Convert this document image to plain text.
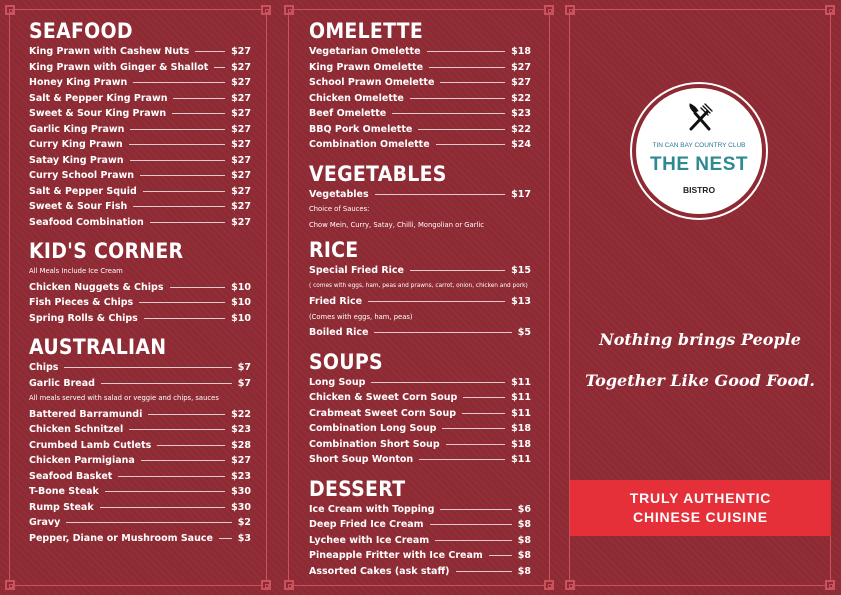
SEAFOOD
King Prawn with Cashew Nuts	$27
King Prawn with Ginger & Shallot $27
Honey King Prawn	$27
Salt & Pepper King Prawn	$27
Sweet & Sour King Prawn	$27
Garlic King Prawn	$27
Curry King Prawn	$27
Satay King Prawn	$27
Curry School Prawn	$27
Salt & Pepper Squid	$27
Sweet & Sour Fish	$27
Seafood Combination	$27
KID'S CORNER
All Meals Include Ice Cream
Chicken Nuggets & Chips	$10
Fish Pieces & Chips	$10
Spring Rolls & Chips	$10
AUSTRALIAN
Chips	$7
Garlic Bread	$7
All meals served with salad or veggie and chips, sauces
Battered Barramundi	$22
Chicken Schnitzel	$23
Crumbed Lamb Cutlets	$28
Chicken Parmigiana	$27
Seafood Basket	$23
T-Bone Steak	$30
Rump Steak	$30
Gravy	$2
Pepper, Diane or Mushroom Sauce	$3
OMELETTE
Vegetarian Omelette	$18
King Prawn Omelette	$27
School Prawn Omelette	$27
Chicken Omelette	$22
Beef Omelette	$23
BBQ Pork Omelette	$22
Combination Omelette	$24
VEGETABLES
Vegetables	$17
Choice of Sauces:
Chow Mein, Curry, Satay, Chilli, Mongolian or Garlic
RICE
Special Fried Rice	$15
( comes with eggs, ham, peas and prawns, carrot, onion, chicken and pork)
Fried Rice	$13
(Comes with eggs, ham, peas)
Boiled Rice	$5
SOUPS
Long Soup	$11
Chicken & Sweet Corn Soup	$11
Crabmeat Sweet Corn Soup	$11
Combination Long Soup	$18
Combination Short Soup	$18
Short Soup Wonton	$11
DESSERT
Ice Cream with Topping	$6
Deep Fried Ice Cream	$8
Lychee with Ice Cream	$8
Pineapple Fritter with Ice Cream	$8
Assorted Cakes (ask staff)	$8
TIN CAN BAY COUNTRY CLUB
THE NEST
BISTRO
Nothing brings People
Together Like Good Food.
TRULY AUTHENTIC
CHINESE CUISINE
